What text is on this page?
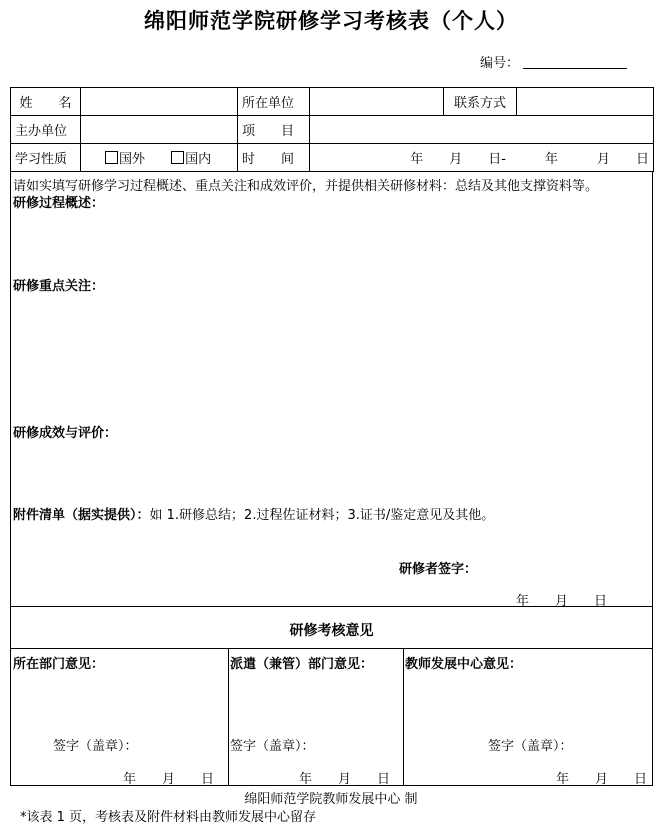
绵阳师范学院研修学习考核表（个人）
编号：
姓　　名		所在单位		联系方式	
主办单位		项　　目			
学习性质	国外 国内	时　　间	年　　月　　日-　　　年　　　月　　日		
请如实填写研修学习过程概述、重点关注和成效评价，并提供相关研修材料：总结及其他支撑资料等。
研修过程概述：
研修重点关注：
研修成效与评价：
附件清单（据实提供）：如 1.研修总结；2.过程佐证材料；3.证书/鉴定意见及其他。
研修者签字：
年　　月　　日
研修考核意见
所在部门意见：
签字（盖章）：
年　　月　　日
派遣（兼管）部门意见：
签字（盖章）：
年　　月　　日
教师发展中心意见：
签字（盖章）：
年　　月　　日
绵阳师范学院教师发展中心 制
*该表 1 页，考核表及附件材料由教师发展中心留存
